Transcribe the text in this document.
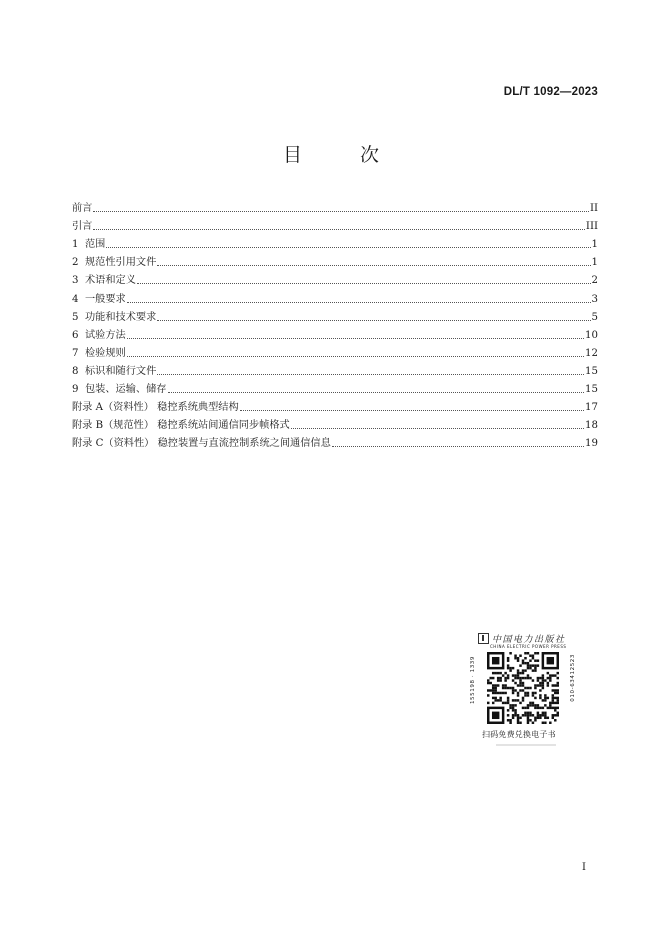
DL/T 1092—2023
目 次
前言	II
引言	III
1 范围	1
2 规范性引用文件	1
3 术语和定义	2
4 一般要求	3
5 功能和技术要求	5
6 试验方法	10
7 检验规则	12
8 标识和随行文件	15
9 包装、运输、储存	15
附录 A（资料性） 稳控系统典型结构	17
附录 B（规范性） 稳控系统站间通信同步帧格式	18
附录 C（资料性） 稳控装置与直流控制系统之间通信信息	19
中国电力出版社
CHINA ELECTRIC POWER PRESS
155198 · 1339	010-63412523
扫码免费兑换电子书
I
